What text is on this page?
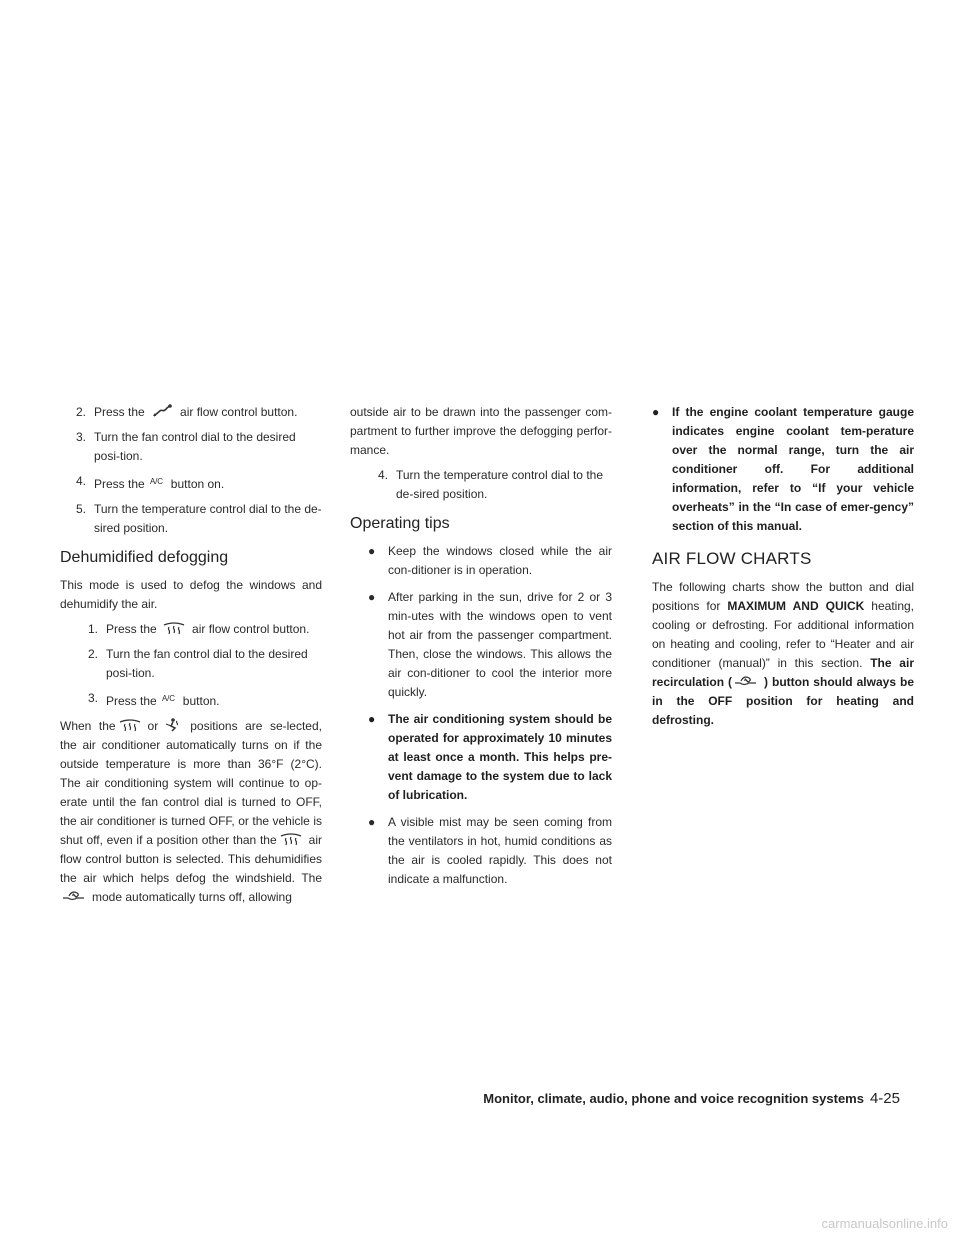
2. Press the	air flow control button.
3. Turn the fan control dial to the desired posi-tion.
4. Press the A/C button on.
5. Turn the temperature control dial to the de-sired position.
Dehumidified defogging

This mode is used to defog the windows and dehumidify the air.

1. Press the	air flow control button.
2. Turn the fan control dial to the desired posi-tion.
3. Press the A/C button.

When the	or	positions are se-lected, the air conditioner automatically turns on if the outside temperature is more than 36°F (2°C). The air conditioning system will continue to op-erate until the fan control dial is turned to OFF, the air conditioner is turned OFF, or the vehicle is shut off, even if a position other than the	air flow control button is selected. This dehumidifies the air which helps defog the windshield. The
mode automatically turns off, allowing

outside air to be drawn into the passenger com-partment to further improve the defogging perfor-mance.

4. Turn the temperature control dial to the de-sired position.
Operating tips
● Keep the windows closed while the air con-ditioner is in operation.
● After parking in the sun, drive for 2 or 3 min-utes with the windows open to vent hot air from the passenger compartment. Then, close the windows. This allows the air con-ditioner to cool the interior more quickly.
● The air conditioning system should be operated for approximately 10 minutes at least once a month. This helps pre-vent damage to the system due to lack of lubrication.
● A visible mist may be seen coming from the ventilators in hot, humid conditions as the air is cooled rapidly. This does not indicate a malfunction.
● If the engine coolant temperature gauge indicates engine coolant tem-perature over the normal range, turn the air conditioner off. For additional information, refer to “If your vehicle overheats” in the “In case of emer-gency” section of this manual.
AIR FLOW CHARTS

The following charts show the button and dial positions for MAXIMUM AND QUICK heating, cooling or defrosting. For additional information on heating and cooling, refer to “Heater and air conditioner (manual)” in this section. The air recirculation (	) button should always be in the OFF position for heating and defrosting.

Monitor, climate, audio, phone and voice recognition systems 4-25
carmanualsonline.info
